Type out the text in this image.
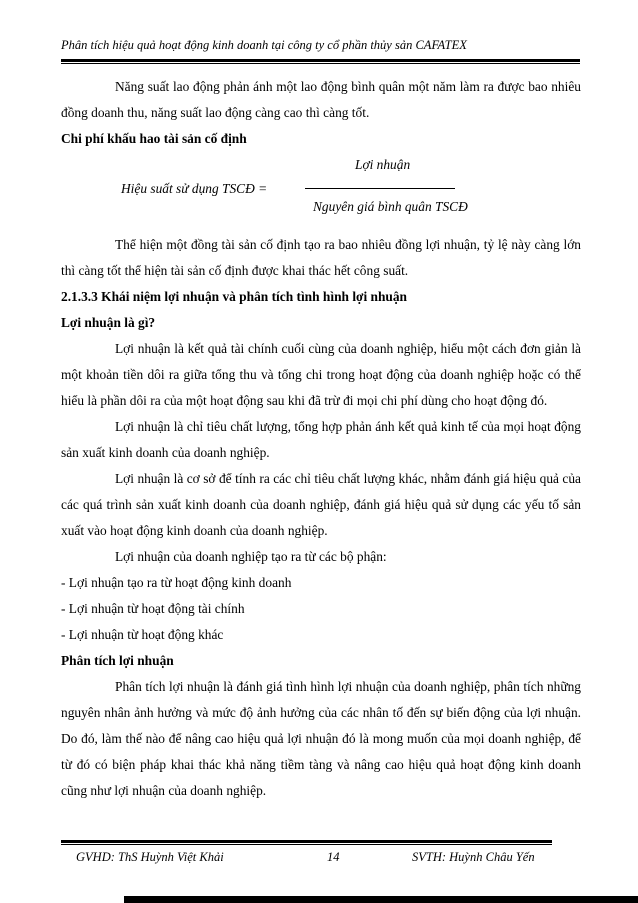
Phân tích hiệu quả hoạt động kinh doanh tại công ty cổ phần thủy sản CAFATEX

Năng suất lao động phản ánh một lao động bình quân một năm làm ra được bao nhiêu đồng doanh thu, năng suất lao động càng cao thì càng tốt.

Chi phí khấu hao tài sản cố định

Lợi nhuận
Hiệu suất sử dụng TSCĐ =
Nguyên giá bình quân TSCĐ

Thể hiện một đồng tài sản cố định tạo ra bao nhiêu đồng lợi nhuận, tỷ lệ này càng lớn thì càng tốt thể hiện tài sản cố định được khai thác hết công suất.

2.1.3.3 Khái niệm lợi nhuận và phân tích tình hình lợi nhuận

Lợi nhuận là gì?

Lợi nhuận là kết quả tài chính cuối cùng của doanh nghiệp, hiểu một cách đơn giản là một khoản tiền dôi ra giữa tổng thu và tổng chi trong hoạt động của doanh nghiệp hoặc có thể hiểu là phần dôi ra của một hoạt động sau khi đã trừ đi mọi chi phí dùng cho hoạt động đó.

Lợi nhuận là chỉ tiêu chất lượng, tổng hợp phản ánh kết quả kinh tế của mọi hoạt động sản xuất kinh doanh của doanh nghiệp.

Lợi nhuận là cơ sở để tính ra các chỉ tiêu chất lượng khác, nhằm đánh giá hiệu quả của các quá trình sản xuất kinh doanh của doanh nghiệp, đánh giá hiệu quả sử dụng các yếu tố sản xuất vào hoạt động kinh doanh của doanh nghiệp.

Lợi nhuận của doanh nghiệp tạo ra từ các bộ phận:

- Lợi nhuận tạo ra từ hoạt động kinh doanh

- Lợi nhuận từ hoạt động tài chính

- Lợi nhuận từ hoạt động khác

Phân tích lợi nhuận

Phân tích lợi nhuận là đánh giá tình hình lợi nhuận của doanh nghiệp, phân tích những nguyên nhân ảnh hưởng và mức độ ảnh hưởng của các nhân tố đến sự biến động của lợi nhuận. Do đó, làm thế nào để nâng cao hiệu quả lợi nhuận đó là mong muốn của mọi doanh nghiệp, để từ đó có biện pháp khai thác khả năng tiềm tàng và nâng cao hiệu quả hoạt động kinh doanh cũng như lợi nhuận của doanh nghiệp.

GVHD: ThS Huỳnh Việt Khải	14	SVTH: Huỳnh Châu Yến
